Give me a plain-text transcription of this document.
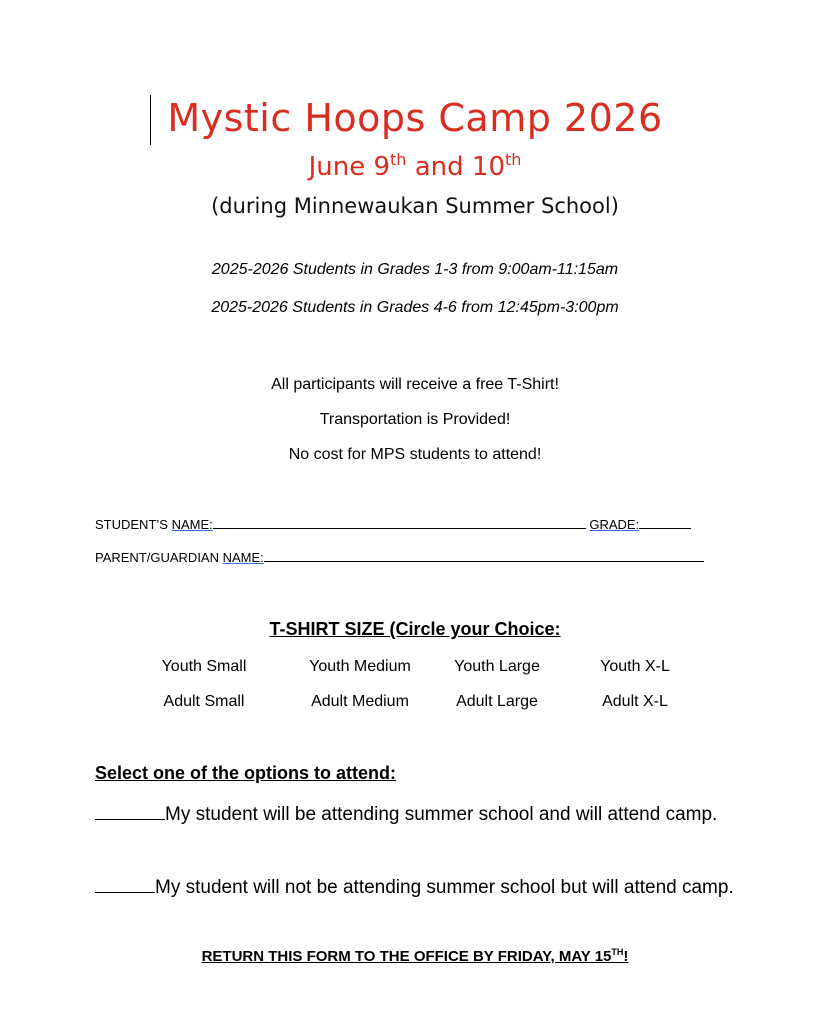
Mystic Hoops Camp 2026
June 9th and 10th
(during Minnewaukan Summer School)
2025-2026 Students in Grades 1-3 from 9:00am-11:15am
2025-2026 Students in Grades 4-6 from 12:45pm-3:00pm
All participants will receive a free T-Shirt!
Transportation is Provided!
No cost for MPS students to attend!
STUDENT’S NAME:	GRADE:
PARENT/GUARDIAN NAME:
T-SHIRT SIZE (Circle your Choice:
Youth Small	Youth Medium	Youth Large	Youth X-L
Adult Small	Adult Medium	Adult Large	Adult X-L
Select one of the options to attend:
My student will be attending summer school and will attend camp.
My student will not be attending summer school but will attend camp.
RETURN THIS FORM TO THE OFFICE BY FRIDAY, MAY 15TH!
